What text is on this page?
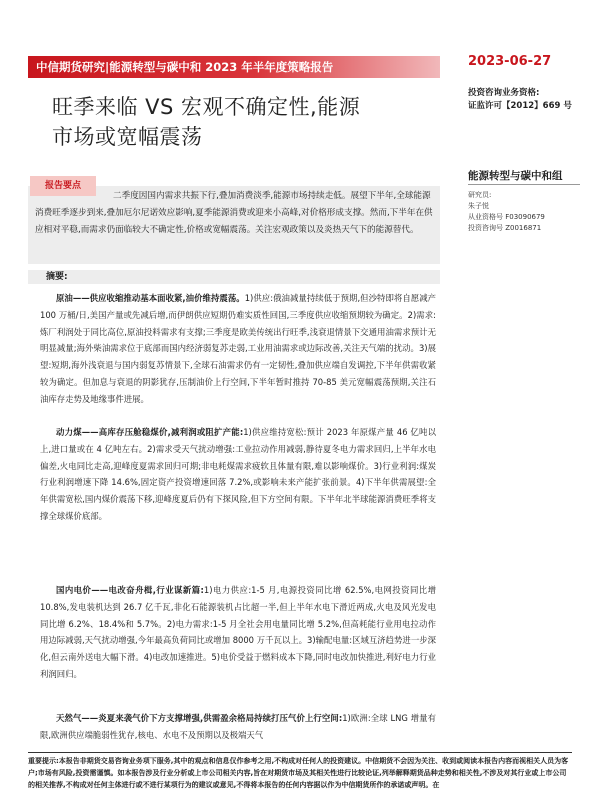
中信期货研究|能源转型与碳中和 2023 年半年度策略报告	2023-06-27
投资咨询业务资格:
证监许可【2012】669 号
旺季来临 VS 宏观不确定性,能源
市场或宽幅震荡
能源转型与碳中和组
研究员:
朱子悦
从业资格号 F03090679
投资咨询号 Z0016871
报告要点
二季度因国内需求共振下行,叠加消费淡季,能源市场持续走低。展望下半年,全球能源消费旺季逐步到来,叠加厄尔尼诺效应影响,夏季能源消费或迎来小高峰,对价格形成支撑。然而,下半年在供应相对平稳,而需求仍面临较大不确定性,价格或宽幅震荡。关注宏观政策以及炎热天气下的能源替代。
摘要:
原油——供应收缩推动基本面收紧,油价维持震荡。1)供应:俄油减量持续低于预期,但沙特即将自愿减产 100 万桶/日,美国产量或先减后增,而伊朗供应短期仍难实质性回国,三季度供应收缩预期较为确定。2)需求:炼厂利润处于同比高位,原油投料需求有支撑;三季度是欧美传统出行旺季,浅衰退情景下交通用油需求预计无明显减量;海外柴油需求位于底部而国内经济弱复苏走弱,工业用油需求或边际改善,关注天气端的扰动。3)展望:短期,海外浅衰退与国内弱复苏情景下,全球石油需求仍有一定韧性,叠加供应端自发调控,下半年供需收紧较为确定。但加息与衰退的阴影犹存,压制油价上行空间,下半年暂时推持 70-85 美元宽幅震荡预期,关注石油库存走势及地缘事件进展。
动力煤——高库存压舱稳煤价,减利润或阻扩产能:1)供应维持宽松:预计 2023 年原煤产量 46 亿吨以上,进口量或在 4 亿吨左右。2)需求受天气扰动增强:工业拉动作用减弱,静待夏冬电力需求回归,上半年水电偏差,火电同比走高,迎峰度夏需求回归可期;非电耗煤需求疲软且体量有限,难以影响煤价。3)行业利润:煤炭行业利润增速下降 14.6%,固定资产投资增速回落 7.2%,或影响未来产能扩张前景。4)下半年供需展望:全年供需宽松,国内煤价震荡下移,迎峰度夏后仍有下探风险,但下方空间有限。下半年北半球能源消费旺季将支撑全球煤价底部。
国内电价——电改奋舟楫,行业谋新篇:1)电力供应:1-5 月,电源投资同比增 62.5%,电网投资同比增 10.8%,发电装机达到 26.7 亿千瓦,非化石能源装机占比超一半,但上半年水电下滑近两成,火电及风光发电同比增 6.2%、18.4%和 5.7%。2)电力需求:1-5 月全社会用电量同比增 5.2%,但高耗能行业用电拉动作用边际减弱,天气扰动增强,今年最高负荷同比或增加 8000 万千瓦以上。3)输配电量:区域互济趋势进一步深化,但云南外送电大幅下滑。4)电改加速推进。5)电价受益于燃料成本下降,同时电改加快推进,利好电力行业利润回归。
天然气——炎夏来袭气价下方支撑增强,供需盈余格局持续打压气价上行空间:1)欧洲:全球 LNG 增量有限,欧洲供应端脆弱性犹存,核电、水电不及预期以及极端天气
重要提示:本报告非期货交易咨询业务项下服务,其中的观点和信息仅作参考之用,不构成对任何人的投资建议。中信期货不会因为关注、收到或阅读本报告内容而视相关人员为客户;市场有风险,投资需谨慎。如本报告涉及行业分析或上市公司相关内容,旨在对期货市场及其相关性进行比较论证,列举解释期货品种走势和相关性,不涉及对其行业或上市公司的相关推荐,不构成对任何主体进行或不进行某项行为的建议或意见,不得将本报告的任何内容据以作为中信期货所作的承诺或声明。在
